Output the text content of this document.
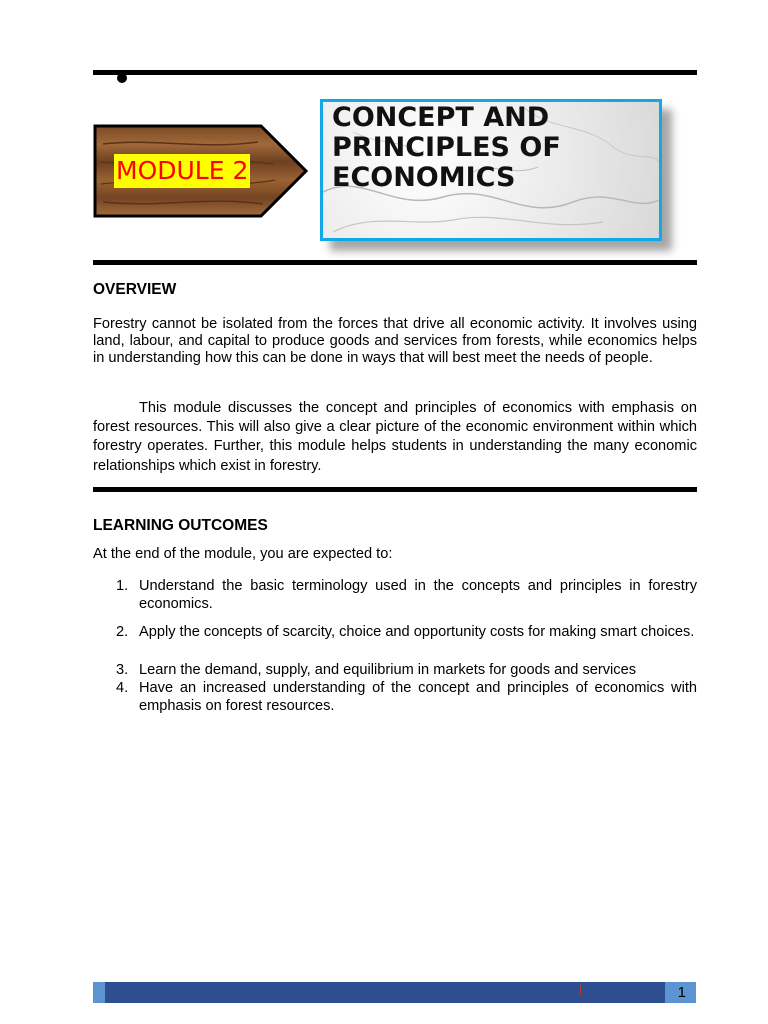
MODULE 2
CONCEPT AND
PRINCIPLES OF
ECONOMICS
OVERVIEW

Forestry cannot be isolated from the forces that drive all economic activity. It involves using land, labour, and capital to produce goods and services from forests, while economics helps in understanding how this can be done in ways that will best meet the needs of people.

This module discusses the concept and principles of economics with emphasis on forest resources. This will also give a clear picture of the economic environment within which forestry operates. Further, this module helps students in understanding the many economic relationships which exist in forestry.

LEARNING OUTCOMES
At the end of the module, you are expected to:
1. Understand the basic terminology used in the concepts and principles in forestry economics.
2. Apply the concepts of scarcity, choice and opportunity costs for making smart choices.
3. Learn the demand, supply, and equilibrium in markets for goods and services
4. Have an increased understanding of the concept and principles of economics with emphasis on forest resources.
1
